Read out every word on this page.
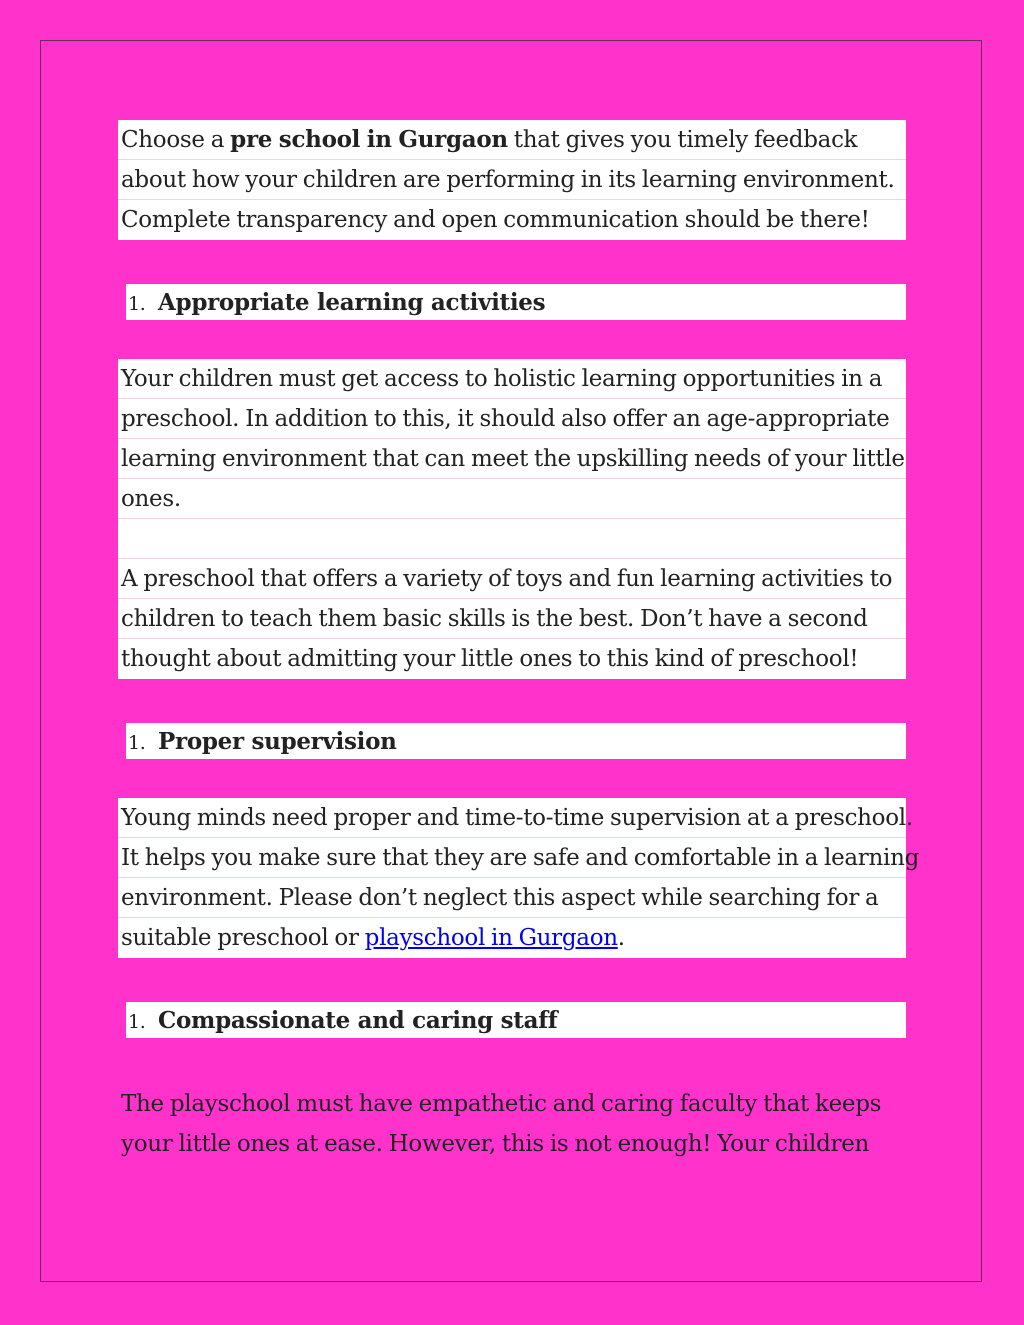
Choose a pre school in Gurgaon that gives you timely feedback
about how your children are performing in its learning environment.
Complete transparency and open communication should be there!
1. Appropriate learning activities
Your children must get access to holistic learning opportunities in a
preschool. In addition to this, it should also offer an age-appropriate
learning environment that can meet the upskilling needs of your little
ones.
A preschool that offers a variety of toys and fun learning activities to
children to teach them basic skills is the best. Don’t have a second
thought about admitting your little ones to this kind of preschool!
1. Proper supervision
Young minds need proper and time-to-time supervision at a preschool.
It helps you make sure that they are safe and comfortable in a learning
environment. Please don’t neglect this aspect while searching for a
suitable preschool or playschool in Gurgaon.
1. Compassionate and caring staff
The playschool must have empathetic and caring faculty that keeps
your little ones at ease. However, this is not enough! Your children
